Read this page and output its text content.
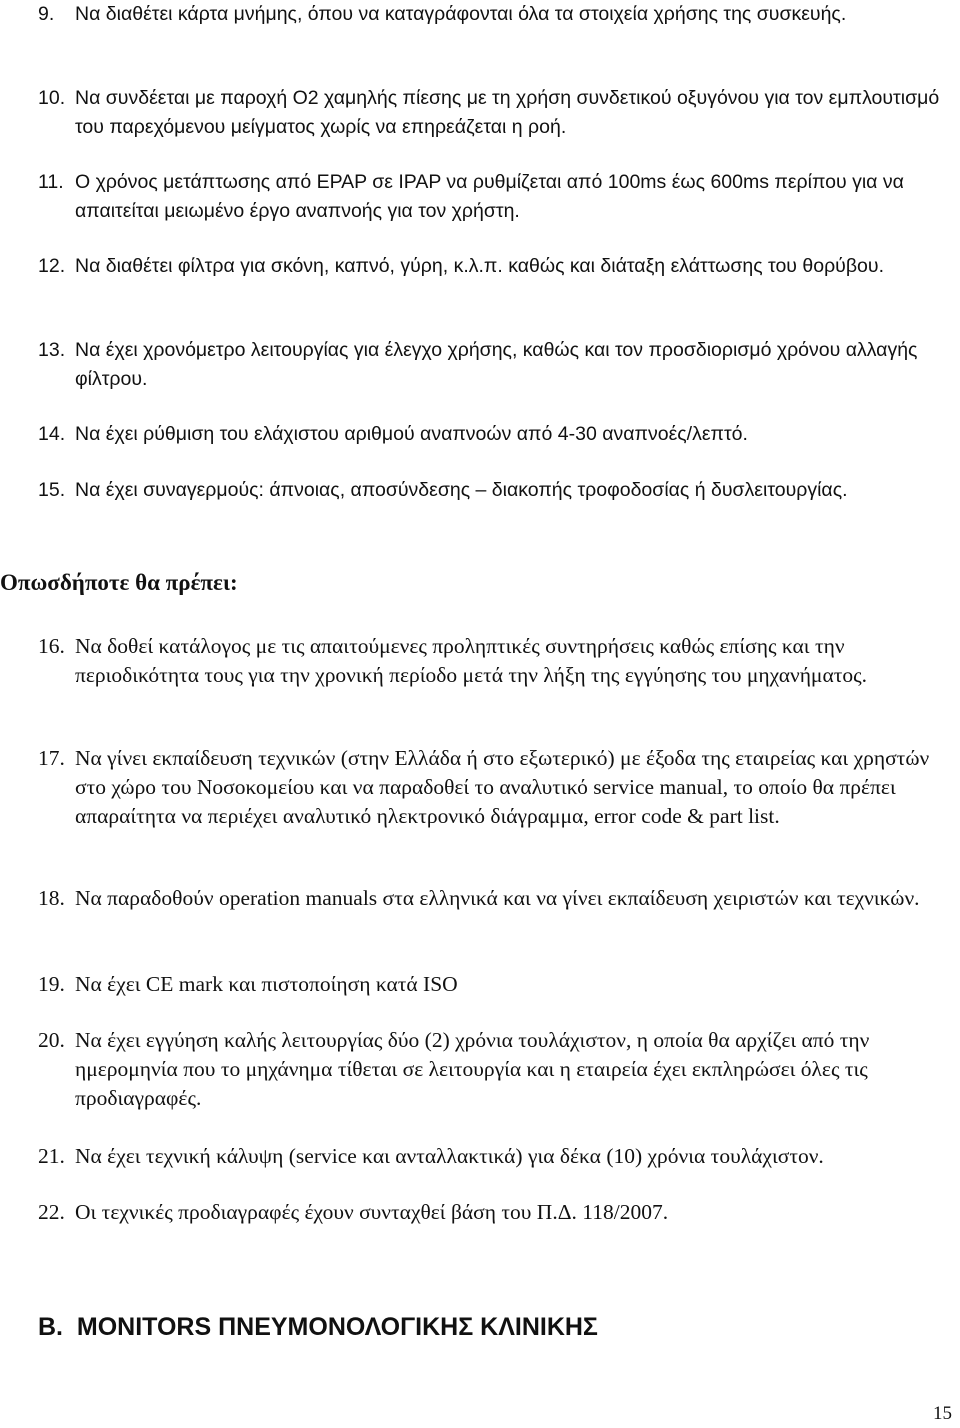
9.	Να διαθέτει κάρτα μνήμης, όπου να καταγράφονται όλα τα στοιχεία χρήσης της συσκευής.
10. Να συνδέεται με παροχή Ο2 χαμηλής πίεσης με τη χρήση συνδετικού οξυγόνου για τον εμπλουτισμό του παρεχόμενου μείγματος χωρίς να επηρεάζεται η ροή.
11. Ο χρόνος μετάπτωσης από EPAP σε IPAP να ρυθμίζεται από 100ms έως 600ms περίπου για να απαιτείται μειωμένο έργο αναπνοής για τον χρήστη.
12. Να διαθέτει φίλτρα για σκόνη, καπνό, γύρη, κ.λ.π. καθώς και διάταξη ελάττωσης του θορύβου.
13. Να έχει χρονόμετρο λειτουργίας για έλεγχο χρήσης, καθώς και τον προσδιορισμό χρόνου αλλαγής φίλτρου.
14. Να έχει ρύθμιση του ελάχιστου αριθμού αναπνοών από 4-30 αναπνοές/λεπτό.
15. Να έχει συναγερμούς: άπνοιας, αποσύνδεσης – διακοπής τροφοδοσίας ή δυσλειτουργίας.
Οπωσδήποτε θα πρέπει:
16. Να δοθεί κατάλογος με τις απαιτούμενες προληπτικές συντηρήσεις καθώς επίσης και την περιοδικότητα τους για την χρονική περίοδο μετά την λήξη της εγγύησης του μηχανήματος.
17. Να γίνει εκπαίδευση τεχνικών (στην Ελλάδα ή στο εξωτερικό) με έξοδα της εταιρείας και χρηστών στο χώρο του Νοσοκομείου και να παραδοθεί το αναλυτικό service manual, το οποίο θα πρέπει απαραίτητα να περιέχει αναλυτικό ηλεκτρονικό διάγραμμα, error code & part list.
18. Να παραδοθούν operation manuals στα ελληνικά και να γίνει εκπαίδευση χειριστών και τεχνικών.
19. Να έχει CE mark και πιστοποίηση κατά ISO
20. Να έχει εγγύηση καλής λειτουργίας δύο (2) χρόνια τουλάχιστον, η οποία θα αρχίζει από την ημερομηνία που το μηχάνημα τίθεται σε λειτουργία και η εταιρεία έχει εκπληρώσει όλες τις προδιαγραφές.
21. Να έχει τεχνική κάλυψη (service και ανταλλακτικά) για δέκα (10) χρόνια τουλάχιστον.
22. Οι τεχνικές προδιαγραφές έχουν συνταχθεί βάση του Π.Δ. 118/2007.
Β.  MONITORS ΠΝΕΥΜΟΝΟΛΟΓΙΚΗΣ ΚΛΙΝΙΚΗΣ
15
